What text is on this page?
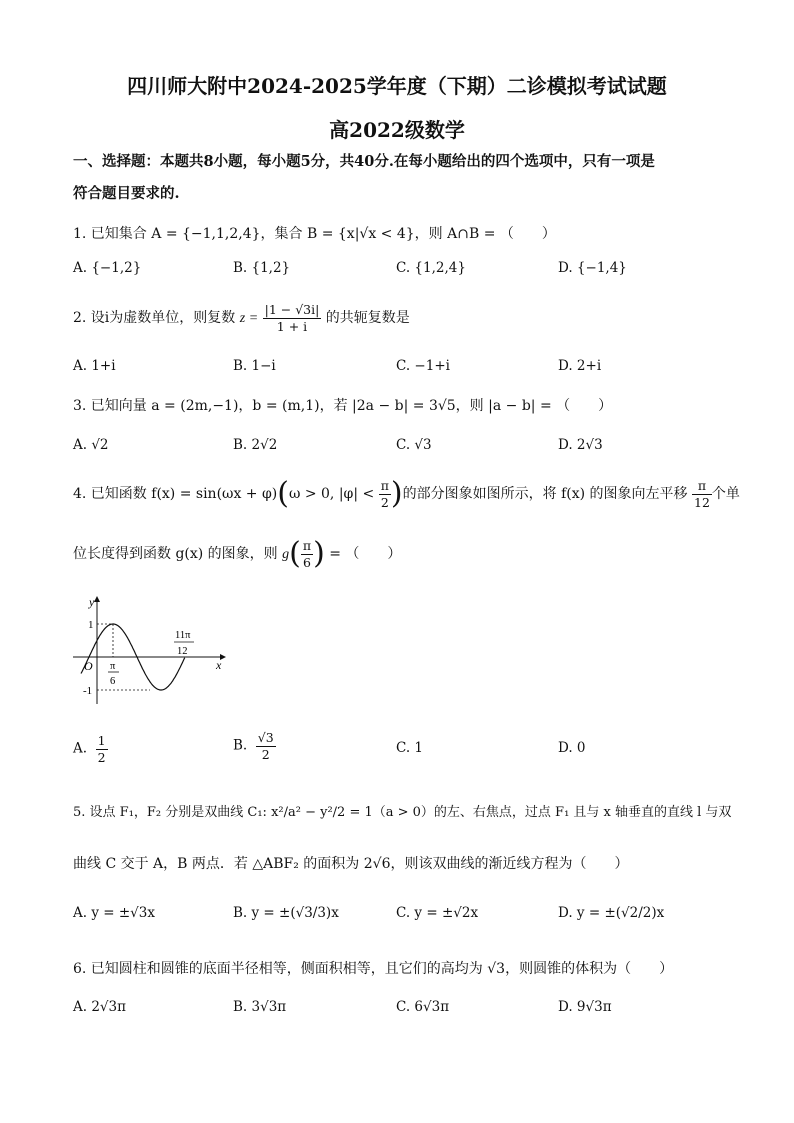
四川师大附中2024-2025学年度（下期）二诊模拟考试试题
高2022级数学
一、选择题：本题共8小题，每小题5分，共40分.在每小题给出的四个选项中，只有一项是
符合题目要求的.
1. 已知集合 A = {−1,1,2,4}，集合 B = {x|√x < 4}，则 A∩B = （　　）
A. {−1,2}	B. {1,2}	C. {1,2,4}	D. {−1,4}
2. 设i为虚数单位，则复数 $z = \frac{|1 - √3i|}{1 + i}$ 的共轭复数是
A. 1+i	B. 1−i	C. −1+i	D. 2+i
3. 已知向量 a = (2m,−1)，b = (m,1)，若 |2a − b| = 3√5，则 |a − b| = （　　）
A. √2	B. 2√2	C. √3	D. 2√3
4. 已知函数 f(x) = sin(ωx + φ)(ω > 0, $|\varphi| < \frac{\pi}{2}$ )的部分图象如图所示，将 f(x) 的图象向左平移 $\frac{\pi}{12}$ 个单
位长度得到函数 g(x) 的图象，则 $g( \frac{\pi}{6}$ ) = （　　）
y
x
O
1
-1
π
6
11π
12
A. $\frac{1}{2}$	B. $\frac{√3}{2}$	C. 1	D. 0
5. 设点 F₁，F₂ 分别是双曲线 C₁: x²/a² − y²/2 = 1（a > 0）的左、右焦点，过点 F₁ 且与 x 轴垂直的直线 l 与双
曲线 C 交于 A，B 两点．若 △ABF₂ 的面积为 2√6，则该双曲线的渐近线方程为（　　）
A. y = ±√3x	B. y = ±(√3/3)x	C. y = ±√2x	D. y = ±(√2/2)x
6. 已知圆柱和圆锥的底面半径相等，侧面积相等，且它们的高均为 √3，则圆锥的体积为（　　）
A. 2√3π	B. 3√3π	C. 6√3π	D. 9√3π
